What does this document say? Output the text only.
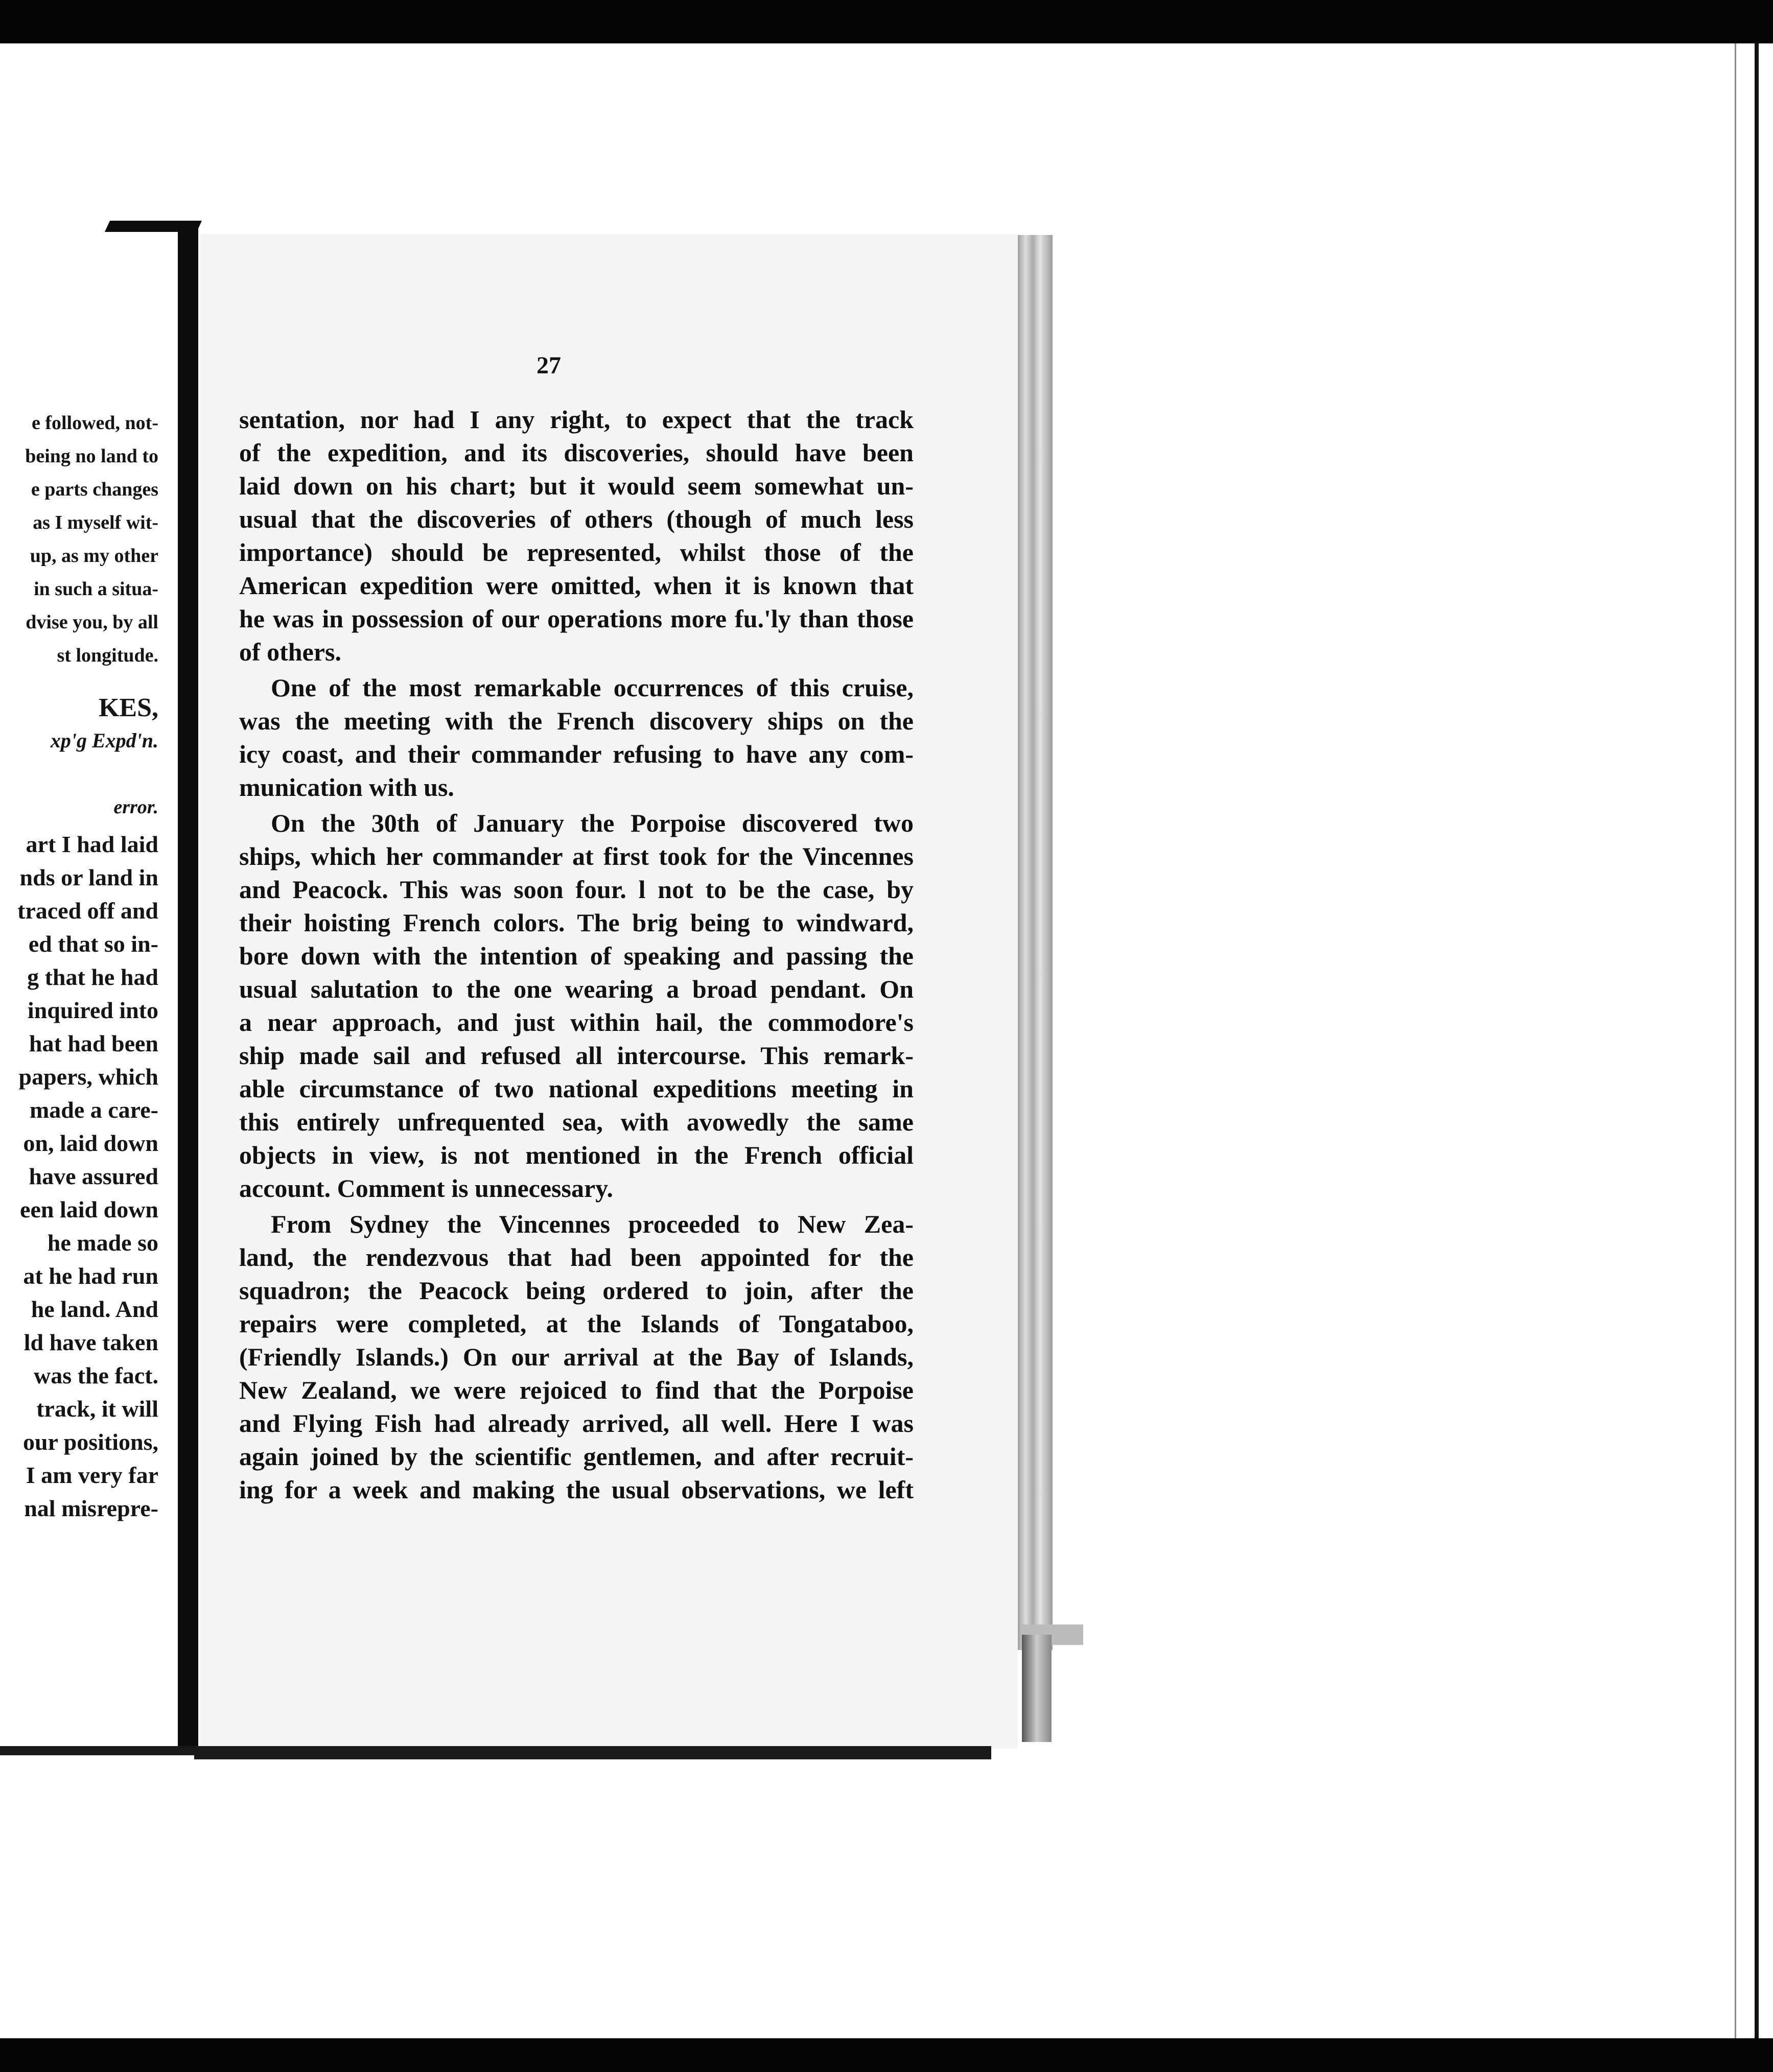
e followed, not-
being no land to
e parts changes
as I myself wit-
up, as my other
in such a situa-
dvise you, by all
st longitude.
KES,
xp'g Expd'n.
error.
art I had laid
nds or land in
traced off and
ed that so in-
g that he had
inquired into
hat had been
papers, which
made a care-
on, laid down
have assured
een laid down
he made so
at he had run
he land. And
ld have taken
was the fact.
track, it will
our positions,
I am very far
nal misrepre-
27
sentation, nor had I any right, to expect that the track
of the expedition, and its discoveries, should have been
laid down on his chart; but it would seem somewhat un-
usual that the discoveries of others (though of much less
importance) should be represented, whilst those of the
American expedition were omitted, when it is known that
he was in possession of our operations more fu.'ly than those
of others.
One of the most remarkable occurrences of this cruise,
was the meeting with the French discovery ships on the
icy coast, and their commander refusing to have any com-
munication with us.
On the 30th of January the Porpoise discovered two
ships, which her commander at first took for the Vincennes
and Peacock. This was soon four. l not to be the case, by
their hoisting French colors. The brig being to windward,
bore down with the intention of speaking and passing the
usual salutation to the one wearing a broad pendant. On
a near approach, and just within hail, the commodore's
ship made sail and refused all intercourse. This remark-
able circumstance of two national expeditions meeting in
this entirely unfrequented sea, with avowedly the same
objects in view, is not mentioned in the French official
account. Comment is unnecessary.
From Sydney the Vincennes proceeded to New Zea-
land, the rendezvous that had been appointed for the
squadron; the Peacock being ordered to join, after the
repairs were completed, at the Islands of Tongataboo,
(Friendly Islands.) On our arrival at the Bay of Islands,
New Zealand, we were rejoiced to find that the Porpoise
and Flying Fish had already arrived, all well. Here I was
again joined by the scientific gentlemen, and after recruit-
ing for a week and making the usual observations, we left
